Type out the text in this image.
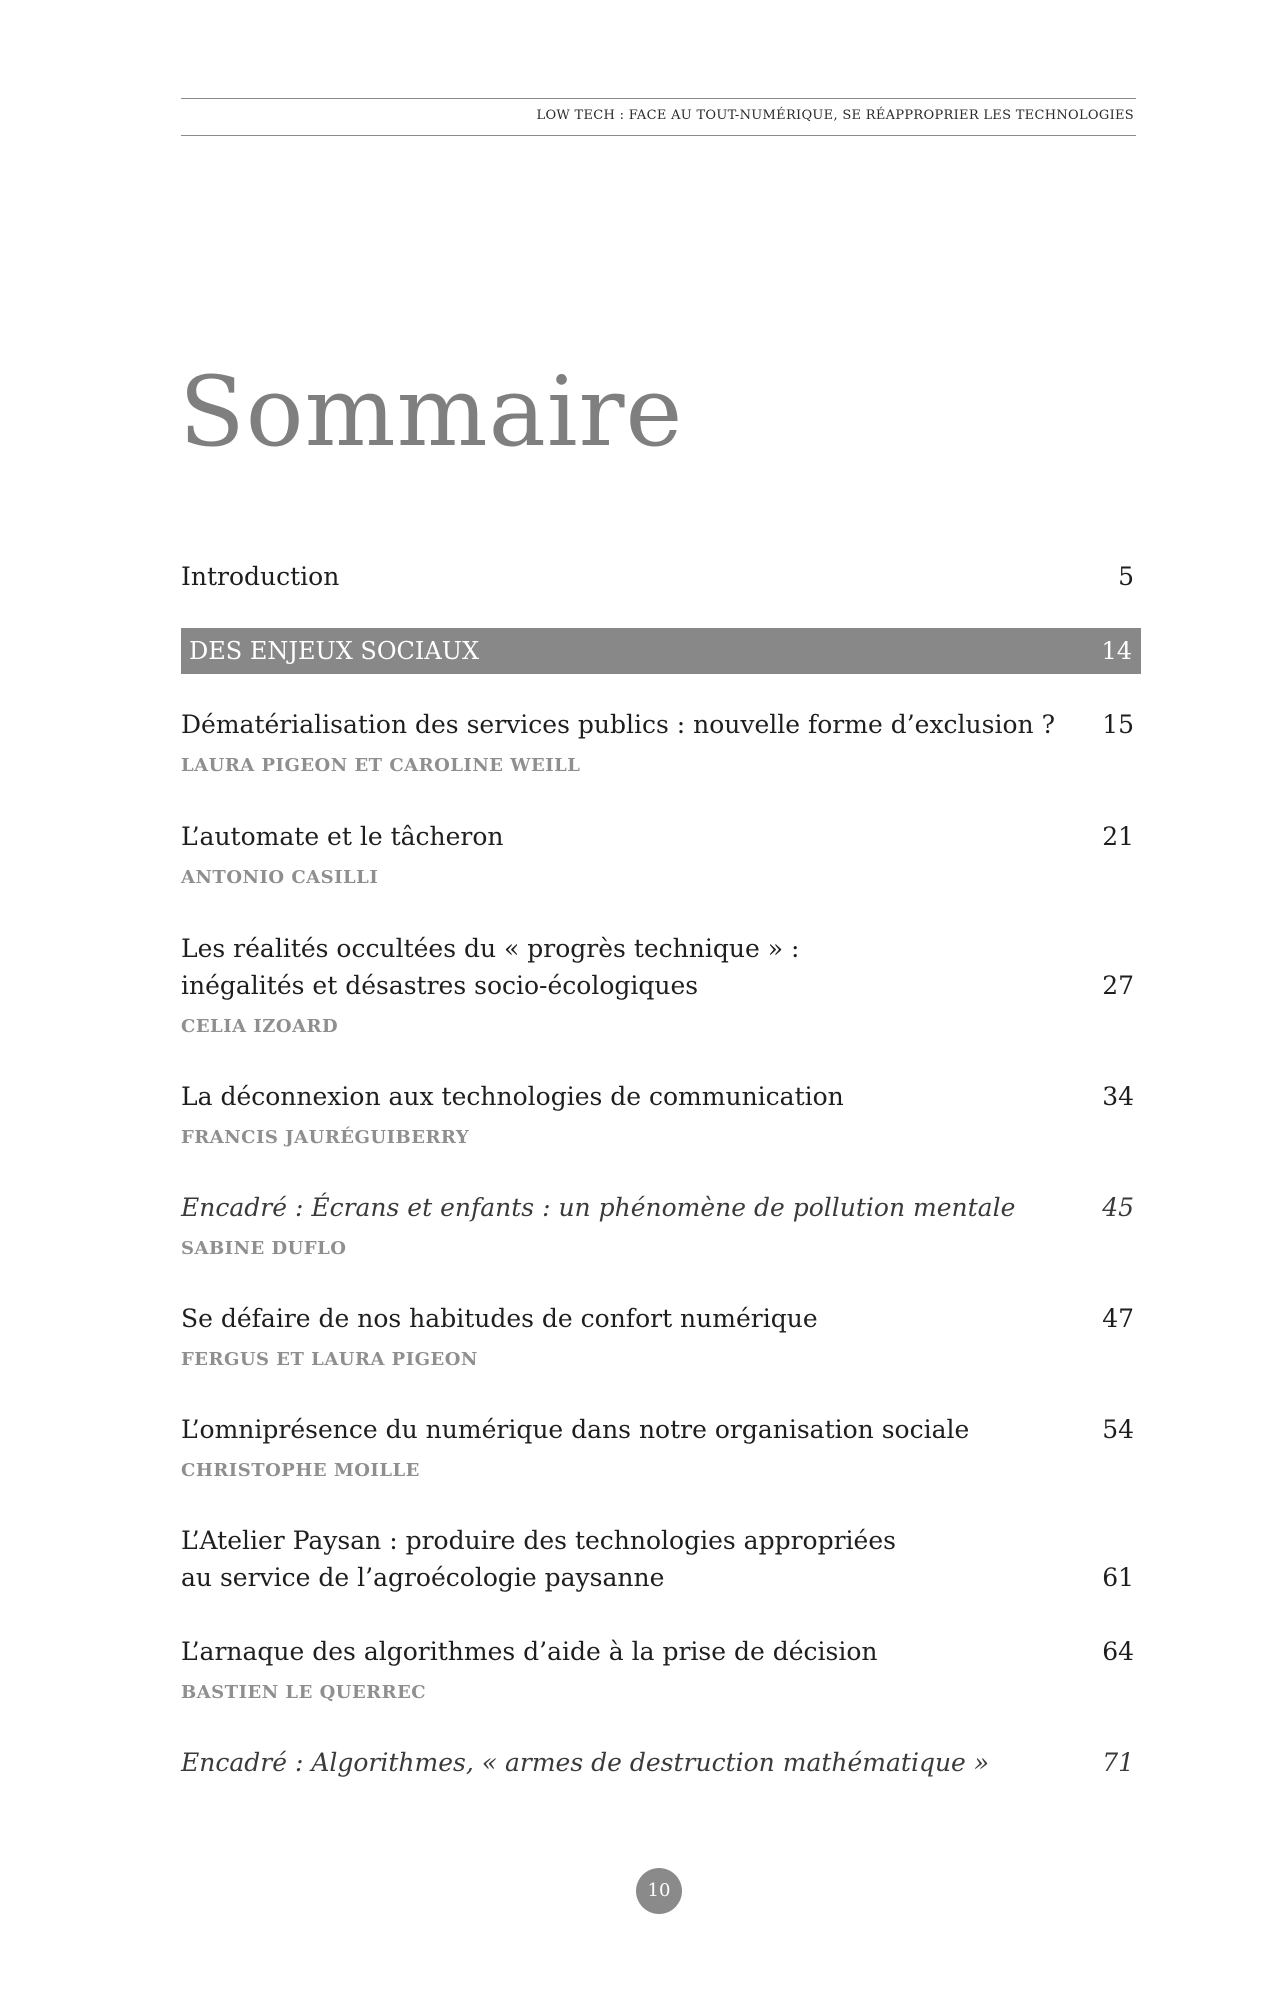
LOW TECH : FACE AU TOUT-NUMÉRIQUE, SE RÉAPPROPRIER LES TECHNOLOGIES
Sommaire
Introduction	5
DES ENJEUX SOCIAUX	14
Dématérialisation des services publics : nouvelle forme d’exclusion ? 15
LAURA PIGEON ET CAROLINE WEILL
L’automate et le tâcheron	21
ANTONIO CASILLI
Les réalités occultées du « progrès technique » :
inégalités et désastres socio-écologiques	27
CELIA IZOARD
La déconnexion aux technologies de communication	34
FRANCIS JAURÉGUIBERRY
Encadré : Écrans et enfants : un phénomène de pollution mentale	45
SABINE DUFLO
Se défaire de nos habitudes de confort numérique	47
FERGUS ET LAURA PIGEON
L’omniprésence du numérique dans notre organisation sociale	54
CHRISTOPHE MOILLE
L’Atelier Paysan : produire des technologies appropriées
au service de l’agroécologie paysanne	61
L’arnaque des algorithmes d’aide à la prise de décision	64
BASTIEN LE QUERREC
Encadré : Algorithmes, « armes de destruction mathématique »	71
10
